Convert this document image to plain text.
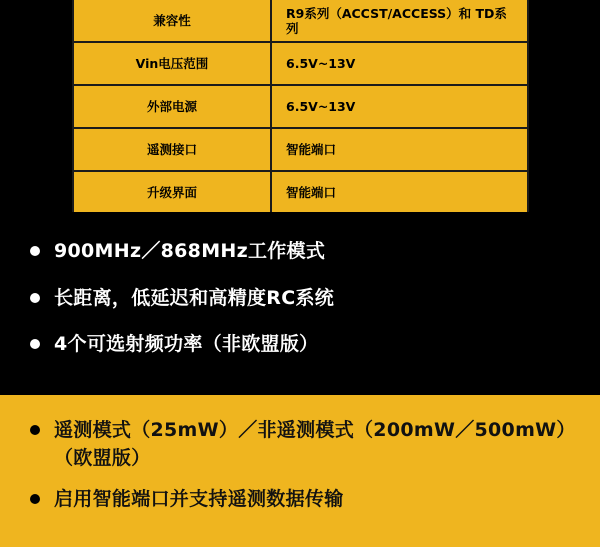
兼容性	R9系列（ACCST/ACCESS）和 TD系列
Vin电压范围	6.5V~13V
外部电源	6.5V~13V
遥测接口	智能端口
升级界面	智能端口
900MHz／868MHz工作模式
长距离，低延迟和高精度RC系统
4个可选射频功率（非欧盟版）
遥测模式（25mW）／非遥测模式（200mW／500mW）（欧盟版）
启用智能端口并支持遥测数据传输
